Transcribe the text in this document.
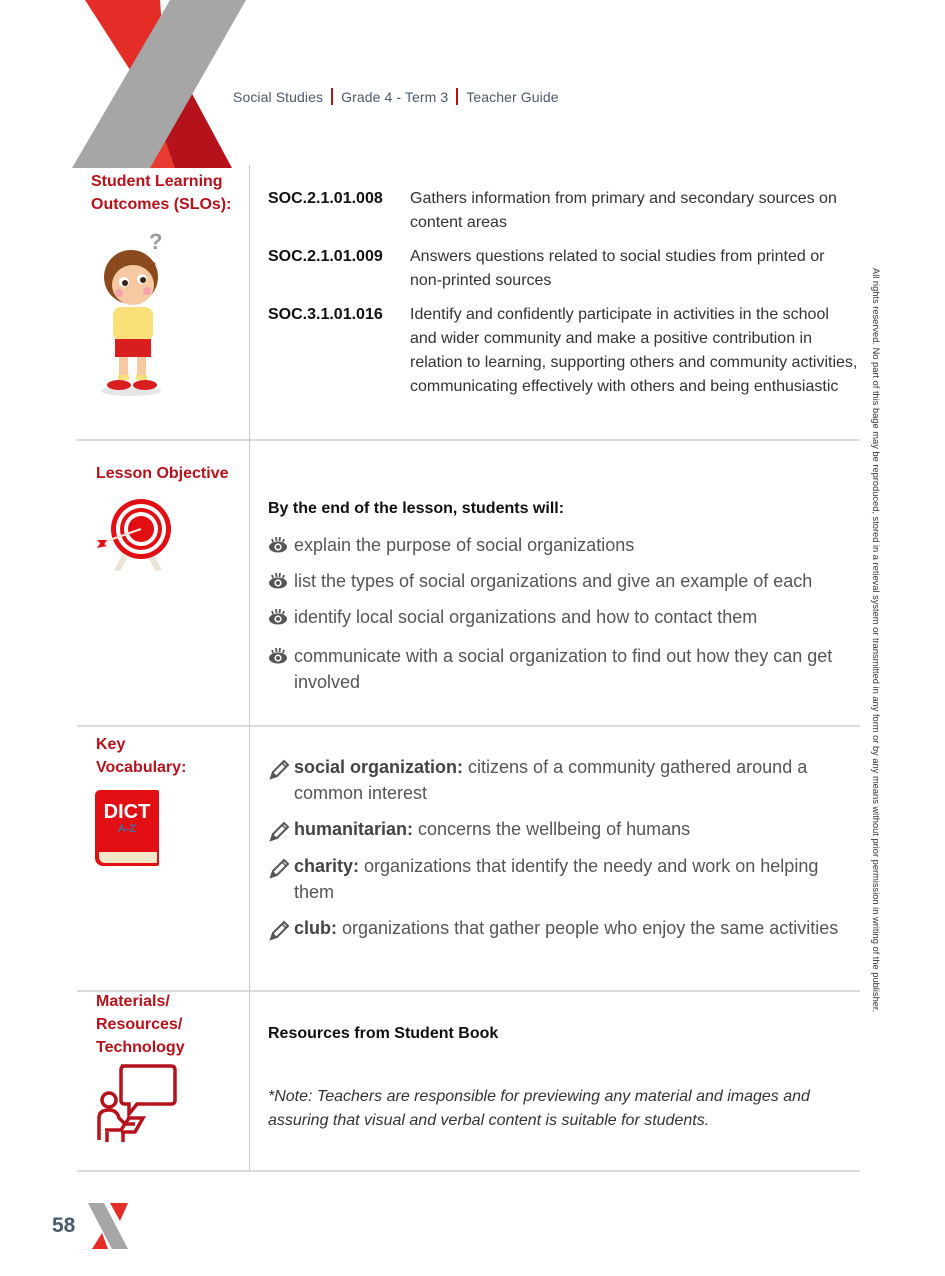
Social Studies Grade 4 - Term 3 Teacher Guide
Student Learning
Outcomes (SLOs):
?
SOC.2.1.01.008	Gathers information from primary and secondary sources on content areas
SOC.2.1.01.009	Answers questions related to social studies from printed or non-printed sources
SOC.3.1.01.016	Identify and confidently participate in activities in the school and wider community and make a positive contribution in relation to learning, supporting others and community activities, communicating effectively with others and being enthusiastic
Lesson Objective
By the end of the lesson, students will:
explain the purpose of social organizations
list the types of social organizations and give an example of each
identify local social organizations and how to contact them
communicate with a social organization to find out how they can get involved
Key
Vocabulary:
DICT
A-Z
social organization: citizens of a community gathered around a common interest
humanitarian: concerns the wellbeing of humans
charity: organizations that identify the needy and work on helping them
club: organizations that gather people who enjoy the same activities
Materials/
Resources/
Technology
Resources from Student Book
*Note: Teachers are responsible for previewing any material and images and assuring that visual and verbal content is suitable for students.
All rights reserved. No part of this bage may be reproduced, stored in a retieval system or transmitted in any form or by any means without prior permission in writing of the publisher.
58
